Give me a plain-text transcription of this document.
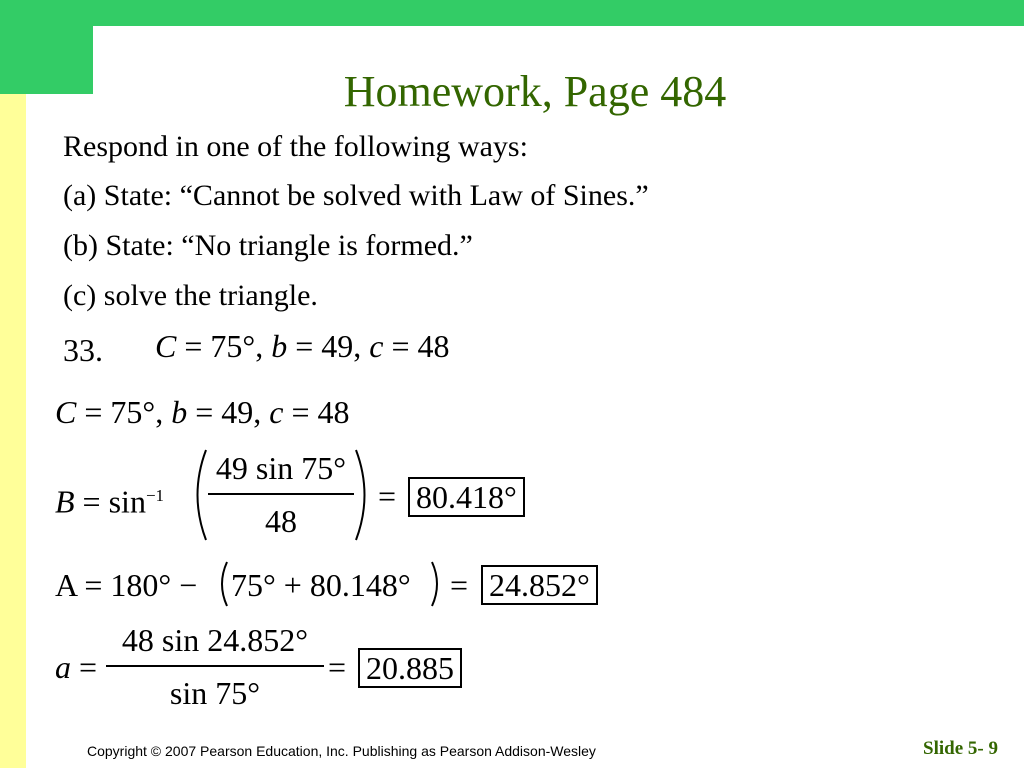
Homework, Page 484
Respond in one of the following ways:
(a) State: “Cannot be solved with Law of Sines.”
(b) State: “No triangle is formed.”
(c) solve the triangle.
33. C = 75°, b = 49, c = 48
C = 75°, b = 49, c = 48
$B = \sin^{-1}$
49 sin 75°
48
= 80.418°
A = 180° − 75° + 80.148° = 24.852°
a =
48 sin 24.852°
sin 75°
= 20.885
Copyright © 2007 Pearson Education, Inc. Publishing as Pearson Addison-Wesley	Slide 5- 9
